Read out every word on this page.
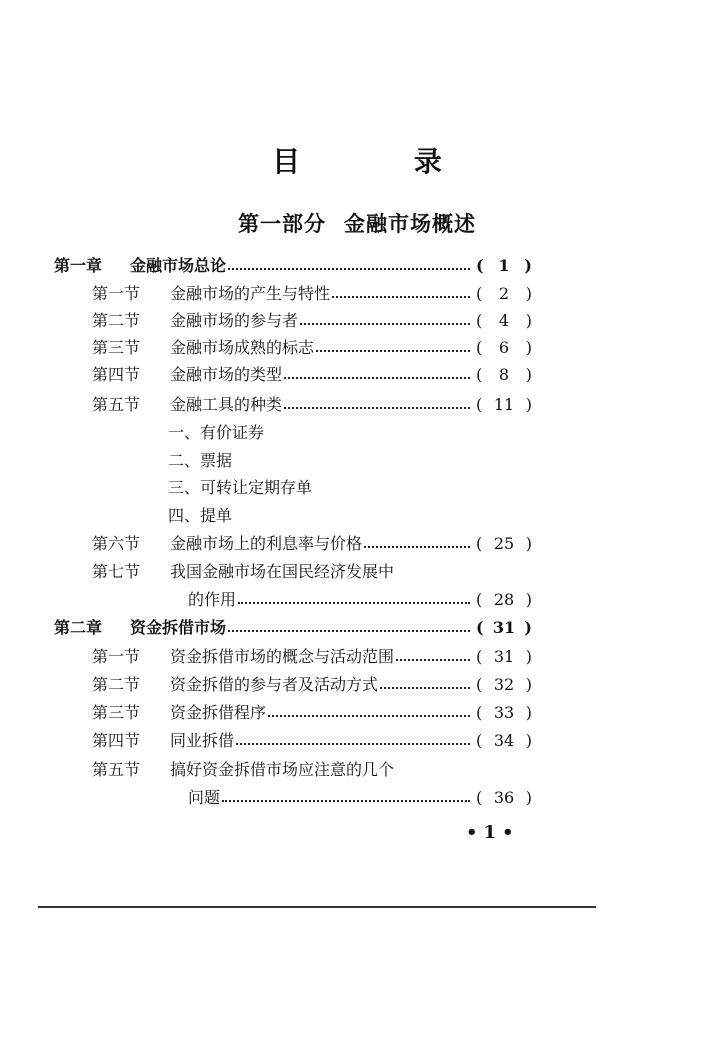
目 录
第一部分 金融市场概述
第一章	金融市场总论	( 1 )
第一节	金融市场的产生与特性	(	2	)
第二节	金融市场的参与者	(	4	)
第三节	金融市场成熟的标志	(	6	)
第四节	金融市场的类型	(	8	)
第五节	金融工具的种类	( 11 )
一、有价证券
二、票据
三、可转让定期存单
四、提单
第六节	金融市场上的利息率与价格	( 25 )
第七节	我国金融市场在国民经济发展中
的作用	( 28 )
第二章	资金拆借市场	( 31 )
第一节	资金拆借市场的概念与活动范围	( 31 )
第二节	资金拆借的参与者及活动方式	( 32 )
第三节	资金拆借程序	( 33 )
第四节	同业拆借	( 34 )
第五节	搞好资金拆借市场应注意的几个
问题	( 36 )
•1•
